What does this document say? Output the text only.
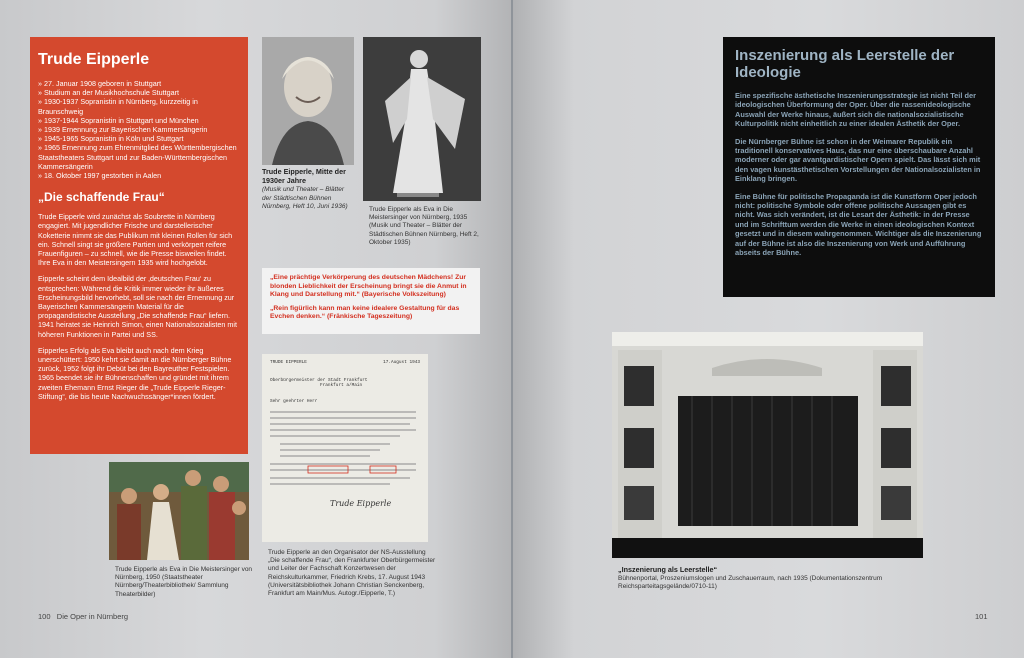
Trude Eipperle
» 27. Januar 1908 geboren in Stuttgart
» Studium an der Musikhochschule Stuttgart
» 1930-1937 Sopranistin in Nürnberg, kurzzeitig in Braunschweig
» 1937-1944 Sopranistin in Stuttgart und München
» 1939 Ernennung zur Bayerischen Kammersängerin
» 1945-1965 Sopranistin in Köln und Stuttgart
» 1965 Ernennung zum Ehrenmitglied des Württembergischen Staatstheaters Stuttgart und zur Baden-Württembergischen Kammersängerin
» 18. Oktober 1997 gestorben in Aalen
„Die schaffende Frau“

Trude Eipperle wird zunächst als Soubrette in Nürnberg engagiert. Mit jugendlicher Frische und darstellerischer Koketterie nimmt sie das Publikum mit kleinen Rollen für sich ein. Schnell singt sie größere Partien und verkörpert reifere Frauenfiguren – zu schnell, wie die Presse bisweilen findet. Ihre Eva in den Meistersingern 1935 wird hochgelobt.

Eipperle scheint dem Idealbild der ‚deutschen Frau‘ zu entsprechen: Während die Kritik immer wieder ihr äußeres Erscheinungsbild hervorhebt, soll sie nach der Ernennung zur Bayerischen Kammersängerin Material für die propagandistische Ausstellung „Die schaffende Frau“ liefern. 1941 heiratet sie Heinrich Simon, einen Nationalsozialisten mit höheren Funktionen in Partei und SS.

Eipperles Erfolg als Eva bleibt auch nach dem Krieg unerschüttert: 1950 kehrt sie damit an die Nürnberger Bühne zurück, 1952 folgt ihr Debüt bei den Bayreuther Festspielen. 1965 beendet sie ihr Bühnenschaffen und gründet mit ihrem zweiten Ehemann Ernst Rieger die „Trude Eipperle Rieger-Stiftung“, die bis heute Nachwuchssänger*innen fördert.

Trude Eipperle, Mitte der 1930er Jahre
(Musik und Theater – Blätter der Städtischen Bühnen Nürnberg, Heft 10, Juni 1936)	Trude Eipperle als Eva in Die Meistersinger von Nürnberg, 1935 (Musik und Theater – Blätter der Städtischen Bühnen Nürnberg, Heft 2, Oktober 1935)

„Eine prächtige Verkörperung des deutschen Mädchens! Zur blonden Lieblichkeit der Erscheinung bringt sie die Anmut in Klang und Darstellung mit.“ (Bayerische Volkszeitung)

„Rein figürlich kann man keine idealere Gestaltung für das Evchen denken.“ (Fränkische Tageszeitung)

TRUDE EIPPERLE	17.August 1943
Oberbürgermeister der Stadt Frankfurt
Frankfurt a/Main
Sehr geehrter Herr
Trude Eipperle
Trude Eipperle an den Organisator der NS-Ausstellung „Die schaffende Frau“, den Frankfurter Oberbürgermeister und Leiter der Fachschaft Konzertwesen der Reichskulturkammer, Friedrich Krebs, 17. August 1943 (Universitätsbibliothek Johann Christian Senckenberg, Frankfurt am Main/Mus. Autogr./Eipperle, T.)
Trude Eipperle als Eva in Die Meistersinger von Nürnberg, 1950 (Staatstheater Nürnberg/Theaterbibliothek/ Sammlung Theaterbilder)
100 Die Oper in Nürnberg
Inszenierung als Leerstelle der Ideologie

Eine spezifische ästhetische Inszenierungsstrategie ist nicht Teil der ideologischen Überformung der Oper. Über die rassenideologische Auswahl der Werke hinaus, äußert sich die nationalsozialistische Kulturpolitik nicht einheitlich zu einer idealen Ästhetik der Oper.

Die Nürnberger Bühne ist schon in der Weimarer Republik ein traditionell konservatives Haus, das nur eine überschaubare Anzahl moderner oder gar avantgardistischer Opern spielt. Das lässt sich mit den vagen kunstästhetischen Vorstellungen der Nationalsozialisten in Einklang bringen.

Eine Bühne für politische Propaganda ist die Kunstform Oper jedoch nicht: politische Symbole oder offene politische Aussagen gibt es nicht. Was sich verändert, ist die Lesart der Ästhetik: in der Presse und im Schrifttum werden die Werke in einen ideologischen Kontext gesetzt und in diesem wahrgenommen. Wichtiger als die Inszenierung auf der Bühne ist also die Inszenierung von Werk und Aufführung abseits der Bühne.

„Inszenierung als Leerstelle“
Bühnenportal, Proszeniumslogen und Zuschauerraum, nach 1935 (Dokumentationszentrum Reichsparteitagsgelände/0710-11)
101
